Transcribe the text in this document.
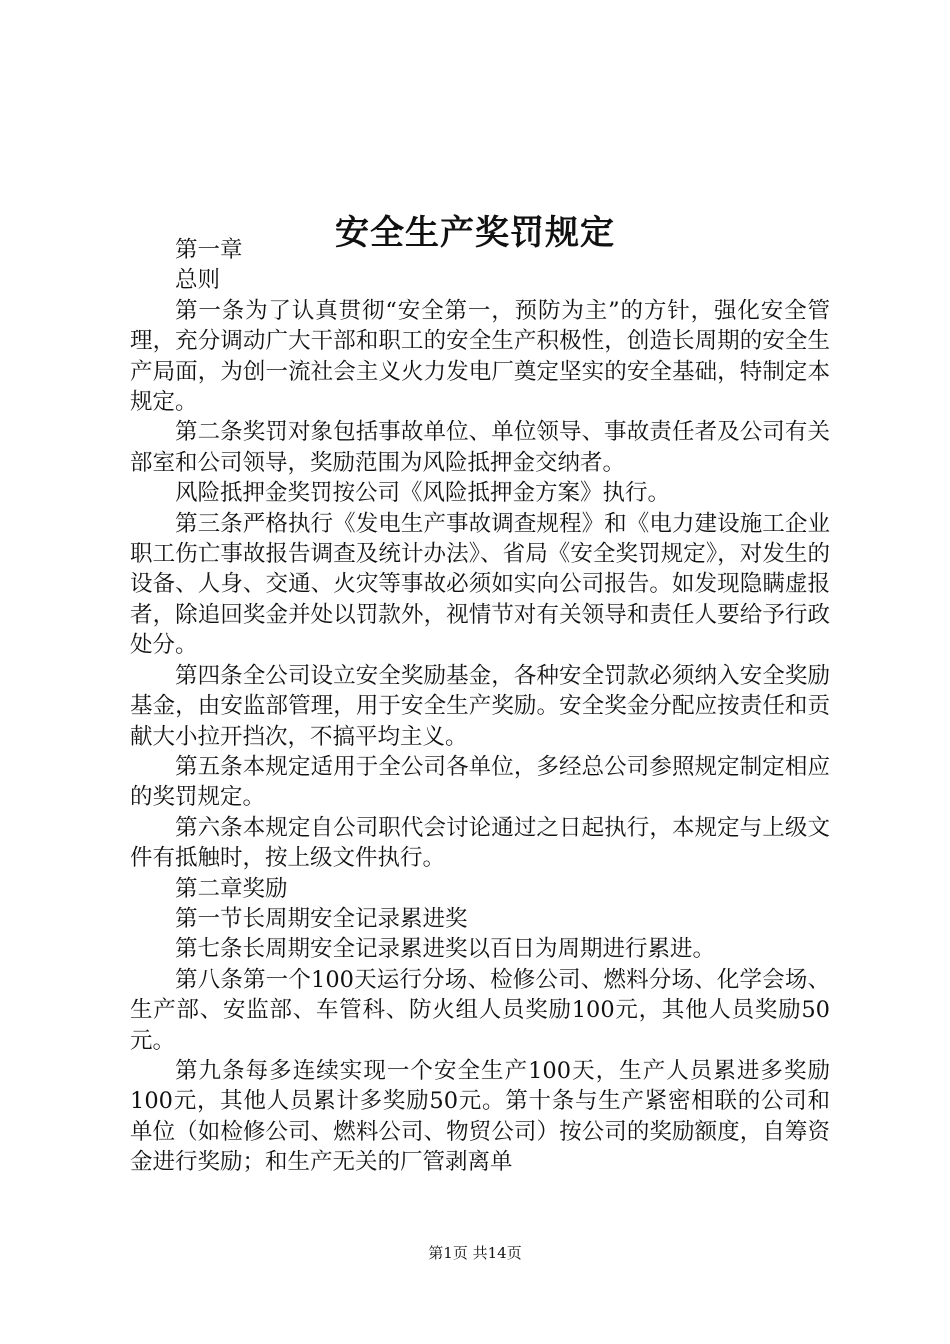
安全生产奖罚规定

第一章

总则

第一条为了认真贯彻“安全第一，预防为主”的方针，强化安全管理，充分调动广大干部和职工的安全生产积极性，创造长周期的安全生产局面，为创一流社会主义火力发电厂奠定坚实的安全基础，特制定本规定。

第二条奖罚对象包括事故单位、单位领导、事故责任者及公司有关部室和公司领导，奖励范围为风险抵押金交纳者。

风险抵押金奖罚按公司《风险抵押金方案》执行。

第三条严格执行《发电生产事故调查规程》和《电力建设施工企业职工伤亡事故报告调查及统计办法》、省局《安全奖罚规定》，对发生的设备、人身、交通、火灾等事故必须如实向公司报告。如发现隐瞒虚报者，除追回奖金并处以罚款外，视情节对有关领导和责任人要给予行政处分。

第四条全公司设立安全奖励基金，各种安全罚款必须纳入安全奖励基金，由安监部管理，用于安全生产奖励。安全奖金分配应按责任和贡献大小拉开挡次，不搞平均主义。

第五条本规定适用于全公司各单位，多经总公司参照规定制定相应的奖罚规定。

第六条本规定自公司职代会讨论通过之日起执行，本规定与上级文件有抵触时，按上级文件执行。

第二章奖励

第一节长周期安全记录累进奖

第七条长周期安全记录累进奖以百日为周期进行累进。

第八条第一个100天运行分场、检修公司、燃料分场、化学会场、生产部、安监部、车管科、防火组人员奖励100元，其他人员奖励50元。

第九条每多连续实现一个安全生产100天，生产人员累进多奖励100元，其他人员累计多奖励50元。第十条与生产紧密相联的公司和单位（如检修公司、燃料公司、物贸公司）按公司的奖励额度，自筹资金进行奖励；和生产无关的厂管剥离单

第1页 共14页
